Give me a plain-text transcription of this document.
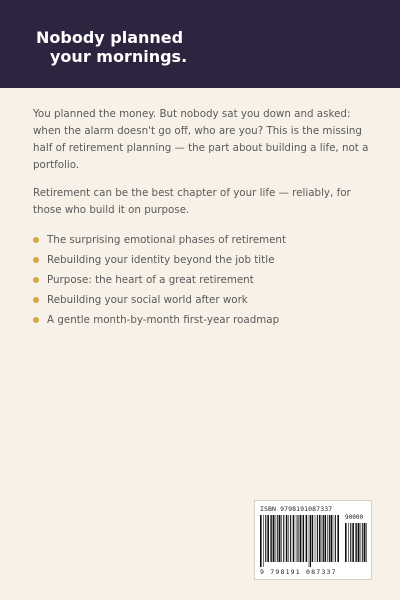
Nobody planned
your mornings.

You planned the money. But nobody sat you down and asked: when the alarm doesn't go off, who are you? This is the missing half of retirement planning — the part about building a life, not a portfolio.

Retirement can be the best chapter of your life — reliably, for those who build it on purpose.

The surprising emotional phases of retirement
Rebuilding your identity beyond the job title
Purpose: the heart of a great retirement
Rebuilding your social world after work
A gentle month-by-month first-year roadmap
ISBN 9798191087337
90000
9 798191 087337
